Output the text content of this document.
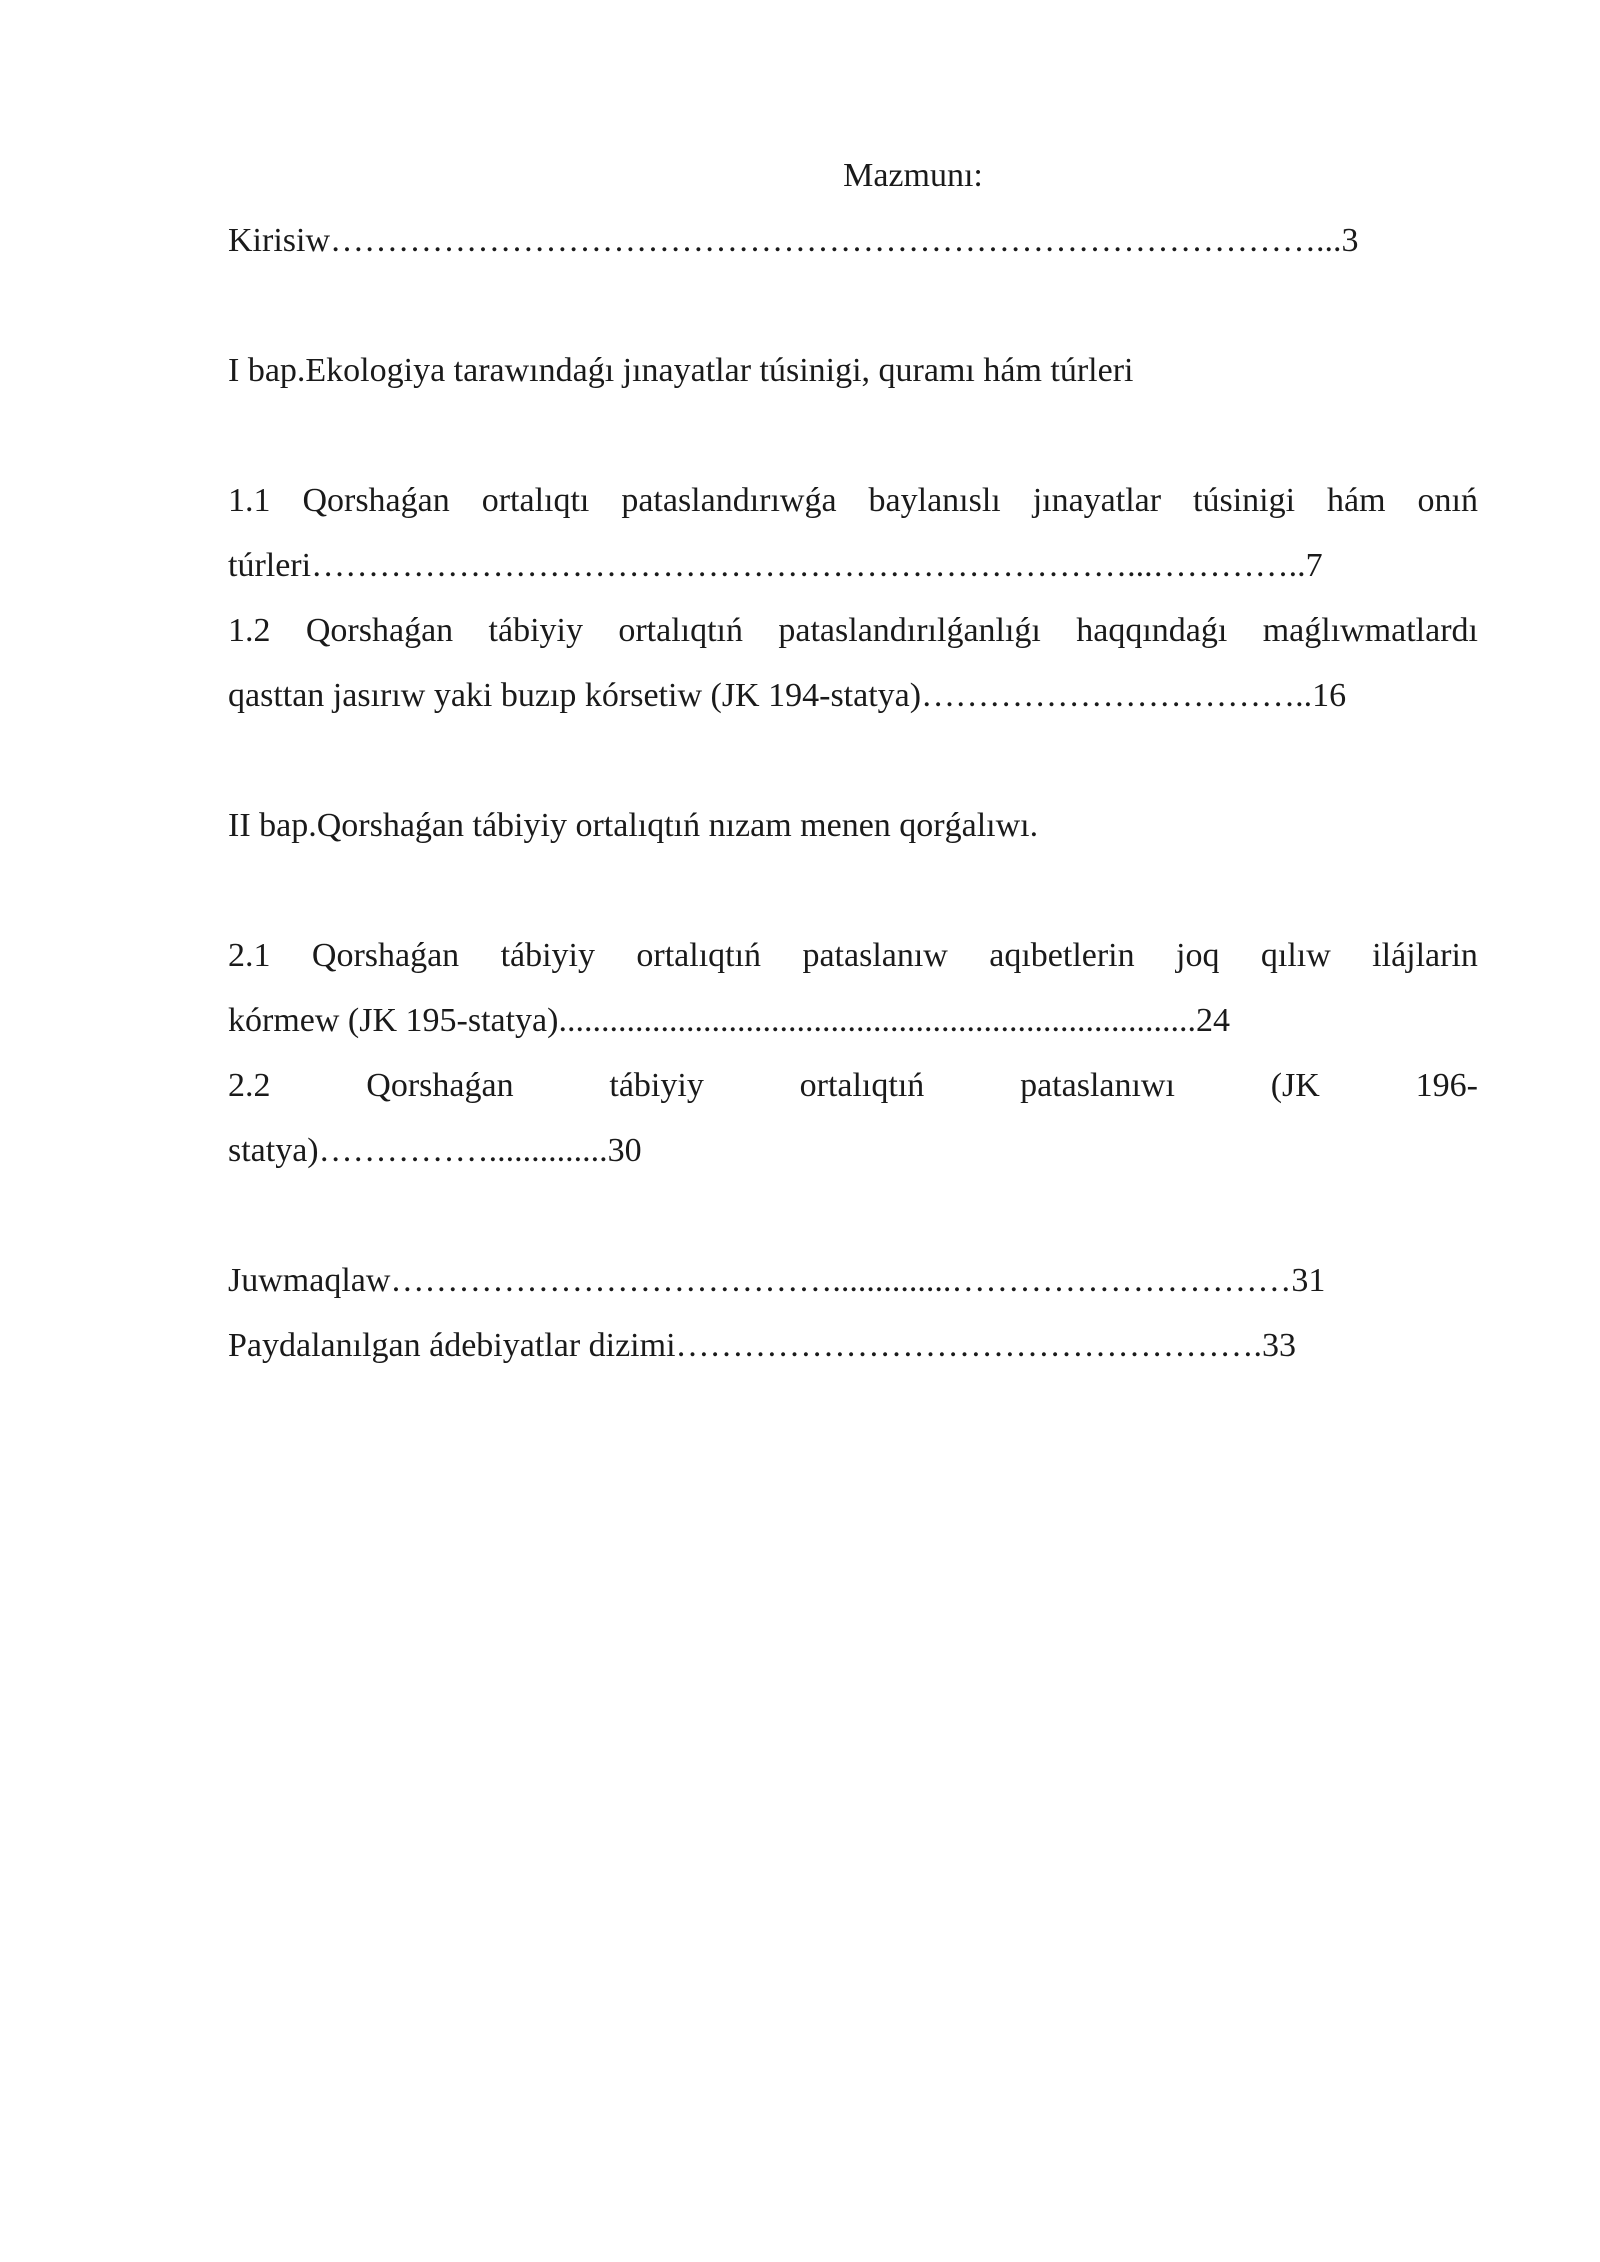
Mazmunı:

Kirisiw……………………………………………………………………………...3

I bap.Ekologiya tarawındaǵı jınayatlar túsinigi, quramı hám túrleri

1.1 Qorshaǵan ortalıqtı pataslandırıwǵa baylanıslı jınayatlar túsinigi hám onıń

túrleri………………………………………………………………...…………..7

1.2 Qorshaǵan tábiyiy ortalıqtıń pataslandırılǵanlıǵı haqqındaǵı maǵlıwmatlardı

qasttan jasırıw yaki buzıp kórsetiw (JK 194-statya)……………………………..16

II bap.Qorshaǵan tábiyiy ortalıqtıń nızam menen qorǵalıwı.

2.1 Qorshaǵan tábiyiy ortalıqtıń pataslanıw aqıbetlerin joq qılıw ilájlarin

kórmew (JK 195-statya)...........................................................................24

2.2	Qorshaǵan	tábiyiy	ortalıqtıń	pataslanıwı	(JK	196-

statya)……………..............30

Juwmaqlaw…………………………………..............…………………………31

Paydalanılgan ádebiyatlar dizimi…………………………………………….33
